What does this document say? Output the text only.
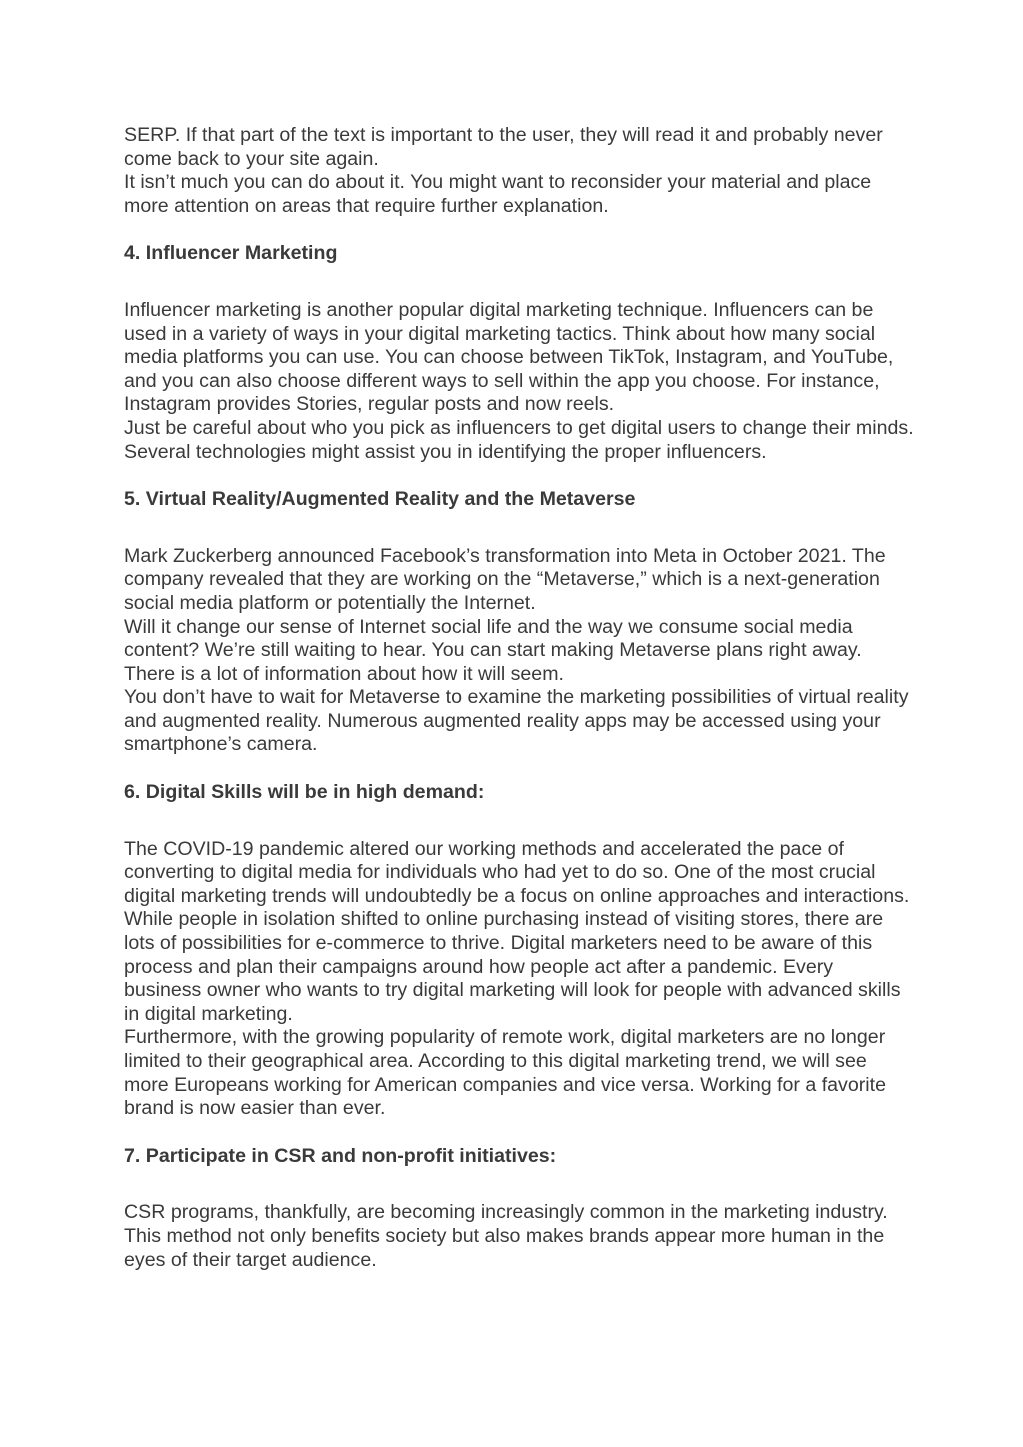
SERP. If that part of the text is important to the user, they will read it and probably never come back to your site again.

It isn’t much you can do about it. You might want to reconsider your material and place more attention on areas that require further explanation.

4. Influencer Marketing

Influencer marketing is another popular digital marketing technique. Influencers can be used in a variety of ways in your digital marketing tactics. Think about how many social media platforms you can use. You can choose between TikTok, Instagram, and YouTube, and you can also choose different ways to sell within the app you choose. For instance, Instagram provides Stories, regular posts and now reels.

Just be careful about who you pick as influencers to get digital users to change their minds. Several technologies might assist you in identifying the proper influencers.

5. Virtual Reality/Augmented Reality and the Metaverse

Mark Zuckerberg announced Facebook’s transformation into Meta in October 2021. The company revealed that they are working on the “Metaverse,” which is a next-generation social media platform or potentially the Internet.

Will it change our sense of Internet social life and the way we consume social media content? We’re still waiting to hear. You can start making Metaverse plans right away. There is a lot of information about how it will seem.

You don’t have to wait for Metaverse to examine the marketing possibilities of virtual reality and augmented reality. Numerous augmented reality apps may be accessed using your smartphone’s camera.

6. Digital Skills will be in high demand:

The COVID-19 pandemic altered our working methods and accelerated the pace of converting to digital media for individuals who had yet to do so. One of the most crucial digital marketing trends will undoubtedly be a focus on online approaches and interactions.

While people in isolation shifted to online purchasing instead of visiting stores, there are lots of possibilities for e-commerce to thrive. Digital marketers need to be aware of this process and plan their campaigns around how people act after a pandemic. Every business owner who wants to try digital marketing will look for people with advanced skills in digital marketing.

Furthermore, with the growing popularity of remote work, digital marketers are no longer limited to their geographical area. According to this digital marketing trend, we will see more Europeans working for American companies and vice versa. Working for a favorite brand is now easier than ever.

7. Participate in CSR and non-profit initiatives:

CSR programs, thankfully, are becoming increasingly common in the marketing industry. This method not only benefits society but also makes brands appear more human in the eyes of their target audience.
